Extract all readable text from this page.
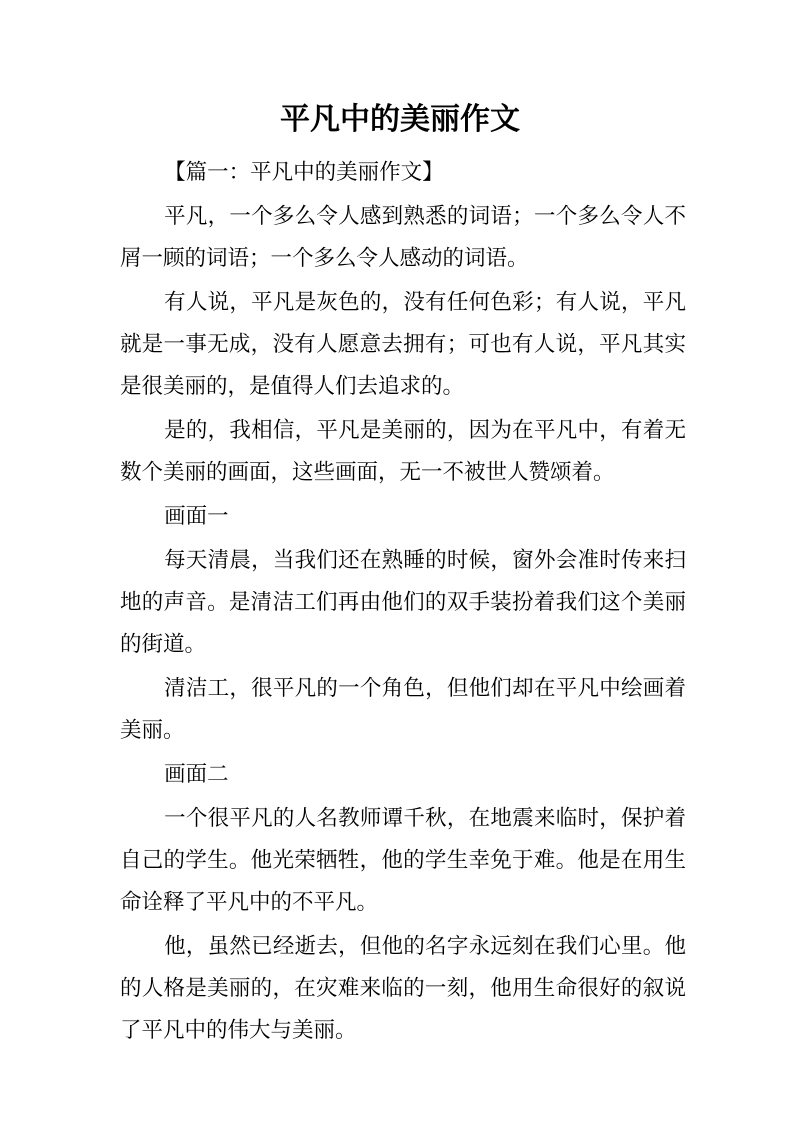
平凡中的美丽作文

【篇一：平凡中的美丽作文】

平凡，一个多么令人感到熟悉的词语；一个多么令人不屑一顾的词语；一个多么令人感动的词语。

有人说，平凡是灰色的，没有任何色彩；有人说，平凡就是一事无成，没有人愿意去拥有；可也有人说，平凡其实是很美丽的，是值得人们去追求的。

是的，我相信，平凡是美丽的，因为在平凡中，有着无数个美丽的画面，这些画面，无一不被世人赞颂着。

画面一

每天清晨，当我们还在熟睡的时候，窗外会准时传来扫地的声音。是清洁工们再由他们的双手装扮着我们这个美丽的街道。

清洁工，很平凡的一个角色，但他们却在平凡中绘画着美丽。

画面二

一个很平凡的人名教师谭千秋，在地震来临时，保护着自己的学生。他光荣牺牲，他的学生幸免于难。他是在用生命诠释了平凡中的不平凡。

他，虽然已经逝去，但他的名字永远刻在我们心里。他的人格是美丽的，在灾难来临的一刻，他用生命很好的叙说了平凡中的伟大与美丽。
